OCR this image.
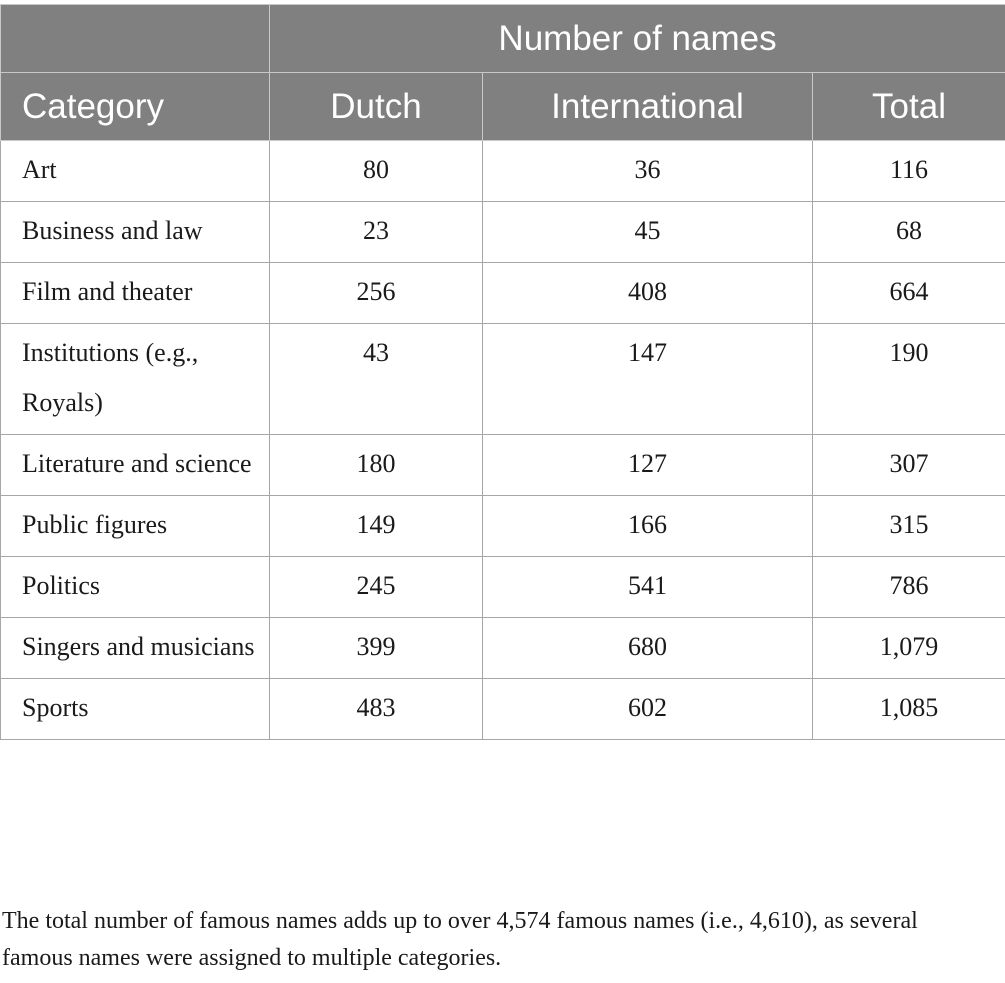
	Number of names		
Category	Dutch	International	Total
Art	80	36	116
Business and law	23	45	68
Film and theater	256	408	664
Institutions (e.g., Royals)	43	147	190
Literature and science	180	127	307
Public figures	149	166	315
Politics	245	541	786
Singers and musicians	399	680	1,079
Sports	483	602	1,085

The total number of famous names adds up to over 4,574 famous names (i.e., 4,610), as several famous names were assigned to multiple categories.
